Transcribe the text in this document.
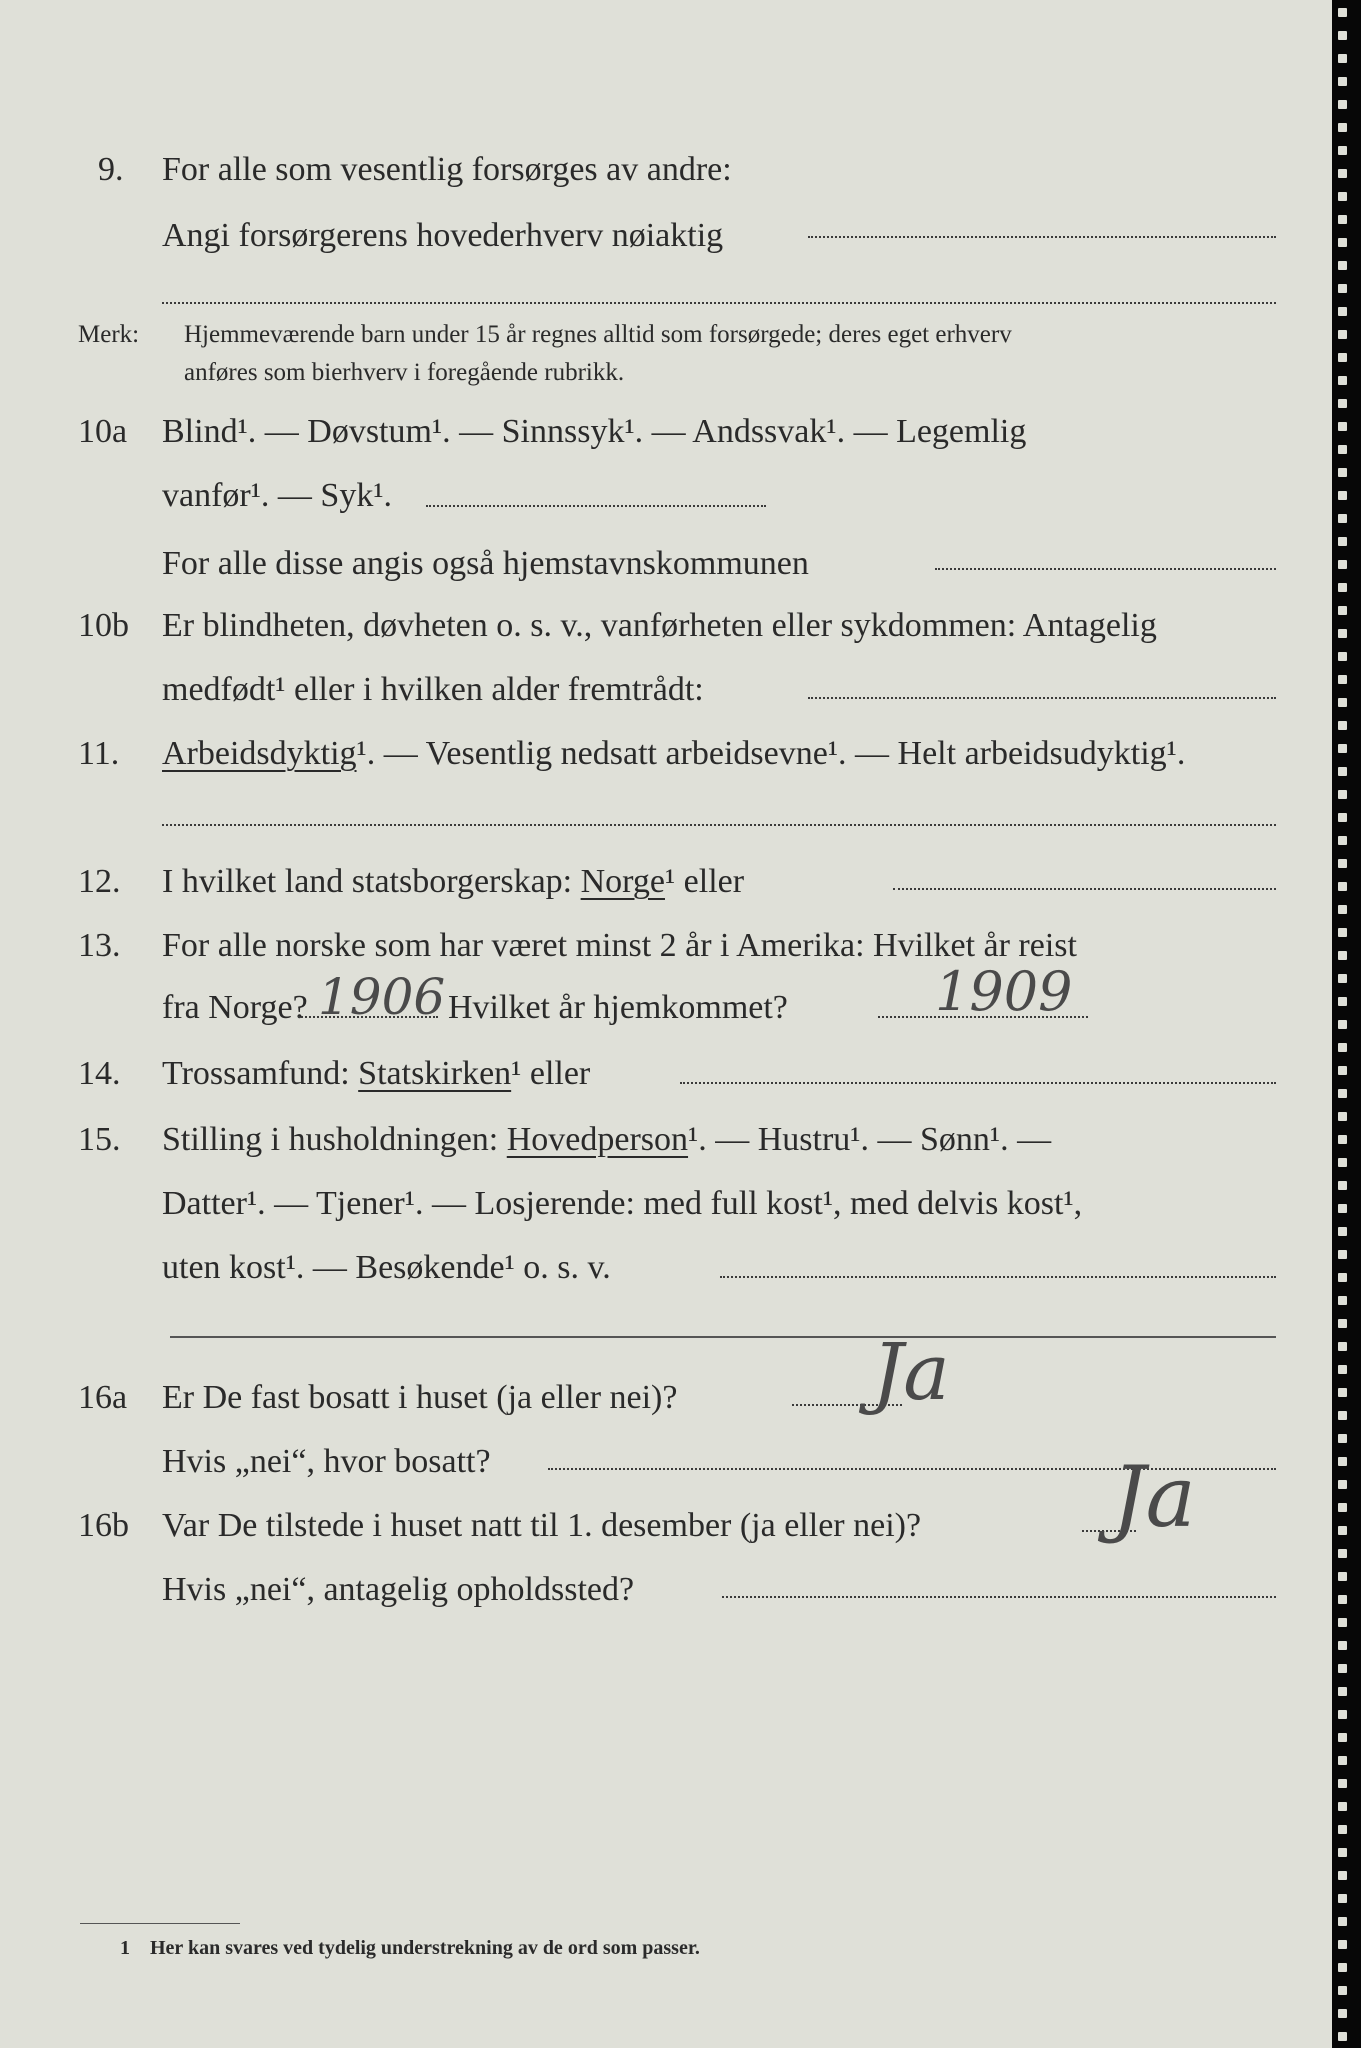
9. For alle som vesentlig forsørges av andre:
Angi forsørgerens hovederhverv nøiaktig
Merk: Hjemmeværende barn under 15 år regnes alltid som forsørgede; deres eget erhverv
anføres som bierhverv i foregående rubrikk.
10a Blind¹. — Døvstum¹. — Sinnssyk¹. — Andssvak¹. — Legemlig
vanfør¹. — Syk¹.
For alle disse angis også hjemstavnskommunen
10b Er blindheten, døvheten o. s. v., vanførheten eller sykdommen: Antagelig
medfødt¹ eller i hvilken alder fremtrådt:
11. Arbeidsdyktig¹. — Vesentlig nedsatt arbeidsevne¹. — Helt arbeidsudyktig¹.
12. I hvilket land statsborgerskap: Norge¹ eller
13. For alle norske som har været minst 2 år i Amerika: Hvilket år reist
fra Norge? 1906 Hvilket år hjemkommet?	1909
14. Trossamfund: Statskirken¹ eller
15. Stilling i husholdningen: Hovedperson¹. — Hustru¹. — Sønn¹. —
Datter¹. — Tjener¹. — Losjerende: med full kost¹, med delvis kost¹,
uten kost¹. — Besøkende¹ o. s. v.
16a Er De fast bosatt i huset (ja eller nei)? Ja
Hvis „nei“, hvor bosatt?
16b Var De tilstede i huset natt til 1. desember (ja eller nei)? Ja
Hvis „nei“, antagelig opholdssted?
1 Her kan svares ved tydelig understrekning av de ord som passer.
